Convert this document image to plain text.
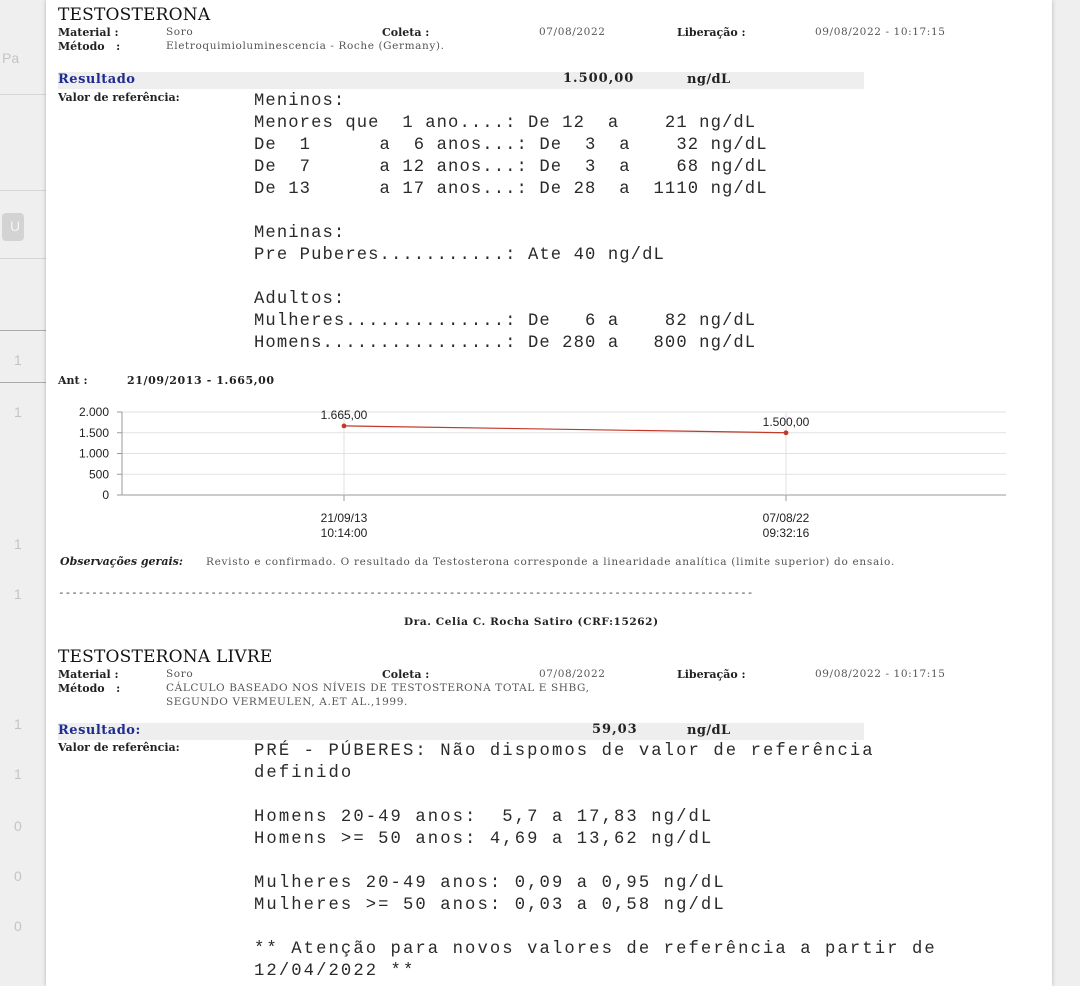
Pa
U
1
1
1
1
1
1
0
0
0
TESTOSTERONA
Material :	Soro	Coleta :	07/08/2022	Liberação :	09/08/2022 - 10:17:15
Método   :	Eletroquimioluminescencia - Roche (Germany).
Resultado	1.500,00	ng/dL
Valor de referência:	Meninos:
Menores que  1 ano....: De 12  a    21 ng/dL
De  1      a  6 anos...: De  3  a    32 ng/dL
De  7      a 12 anos...: De  3  a    68 ng/dL
De 13      a 17 anos...: De 28  a  1110 ng/dL
Meninas:
Pre Puberes...........: Ate 40 ng/dL
Adultos:
Mulheres..............: De   6 a    82 ng/dL
Homens................: De 280 a   800 ng/dL
Ant :	21/09/2013 - 1.665,00
2.000
1.500
1.000
500
0
21/09/13
10:14:00
07/08/22
09:32:16
1.665,00	1.500,00
Observações gerais: Revisto e confirmado. O resultado da Testosterona corresponde a linearidade analítica (limite superior) do ensaio.
---------------------------------------------------------------------------------------------------------
Dra. Celia C. Rocha Satiro (CRF:15262)
TESTOSTERONA LIVRE
Material :	Soro	Coleta :	07/08/2022	Liberação :	09/08/2022 - 10:17:15
Método   :	CÁLCULO BASEADO NOS NÍVEIS DE TESTOSTERONA TOTAL E SHBG,
SEGUNDO VERMEULEN, A.ET AL.,1999.
Resultado:	59,03	ng/dL
Valor de referência:	PRÉ - PÚBERES: Não dispomos de valor de referência
definido
Homens 20-49 anos:  5,7 a 17,83 ng/dL
Homens >= 50 anos: 4,69 a 13,62 ng/dL
Mulheres 20-49 anos: 0,09 a 0,95 ng/dL
Mulheres >= 50 anos: 0,03 a 0,58 ng/dL
** Atenção para novos valores de referência a partir de
12/04/2022 **
